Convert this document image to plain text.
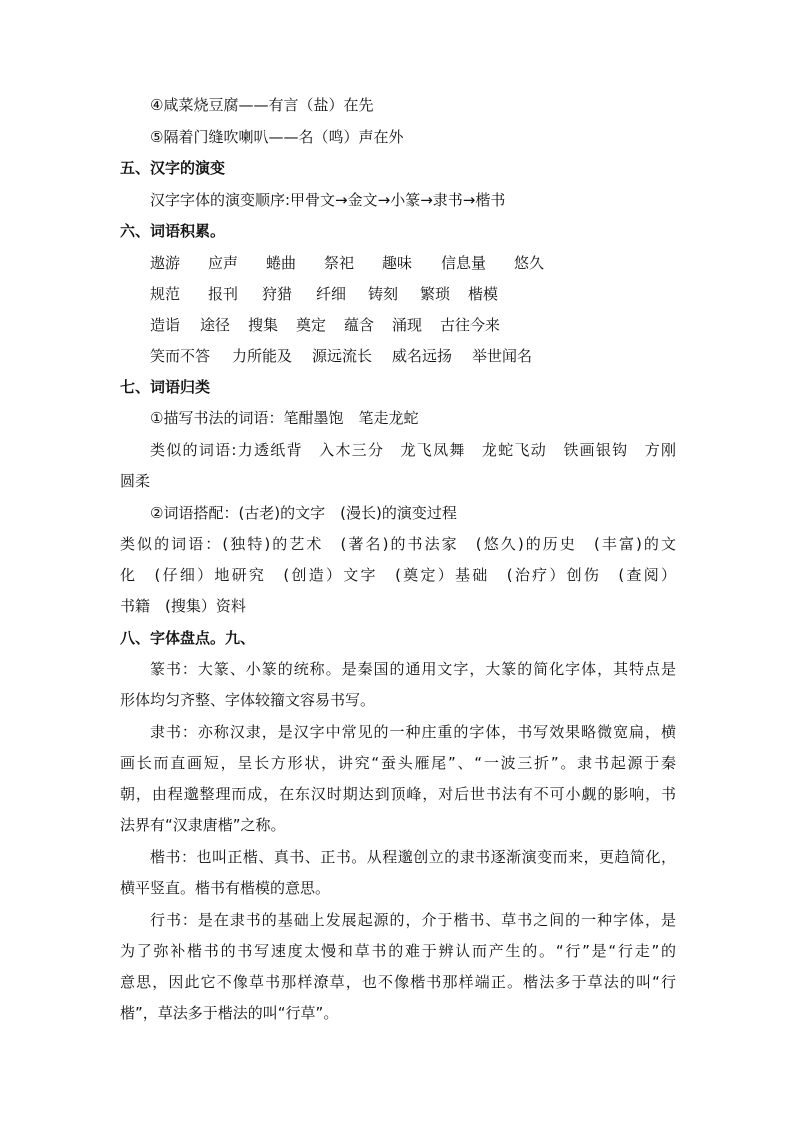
④咸菜烧豆腐——有言（盐）在先
⑤隔着门缝吹喇叭——名（鸣）声在外
五、汉字的演变
汉字字体的演变顺序:甲骨文→金文→小篆→隶书→楷书
六、词语积累。
遨游 应声 蜷曲 祭祀 趣味 信息量 悠久
规范 报刊 狩猎 纤细 铸刻 繁琐 楷模
造诣 途径 搜集 奠定 蕴含 涌现 古往今来
笑而不答 力所能及 源远流长 威名远扬 举世闻名
七、词语归类
①描写书法的词语：笔酣墨饱　笔走龙蛇
类似的词语:力透纸背　入木三分　龙飞凤舞　龙蛇飞动　铁画银钩　方刚
圆柔
②词语搭配：(古老)的文字　(漫长)的演变过程
类似的词语：(独特)的艺术　(著名)的书法家　(悠久)的历史　(丰富)的文
化　(仔细）地研究　(创造）文字　(奠定）基础　(治疗）创伤　(查阅）
书籍　(搜集）资料
八、字体盘点。九、
篆书：大篆、小篆的统称。是秦国的通用文字，大篆的简化字体，其特点是
形体均匀齐整、字体较籀文容易书写。
隶书：亦称汉隶，是汉字中常见的一种庄重的字体，书写效果略微宽扁，横
画长而直画短，呈长方形状，讲究“蚕头雁尾”、“一波三折”。隶书起源于秦
朝，由程邈整理而成，在东汉时期达到顶峰，对后世书法有不可小觑的影响，书
法界有“汉隶唐楷”之称。
楷书：也叫正楷、真书、正书。从程邈创立的隶书逐渐演变而来，更趋简化，
横平竖直。楷书有楷模的意思。
行书：是在隶书的基础上发展起源的，介于楷书、草书之间的一种字体，是
为了弥补楷书的书写速度太慢和草书的难于辨认而产生的。“行”是“行走”的
意思，因此它不像草书那样潦草，也不像楷书那样端正。楷法多于草法的叫“行
楷”，草法多于楷法的叫“行草”。
